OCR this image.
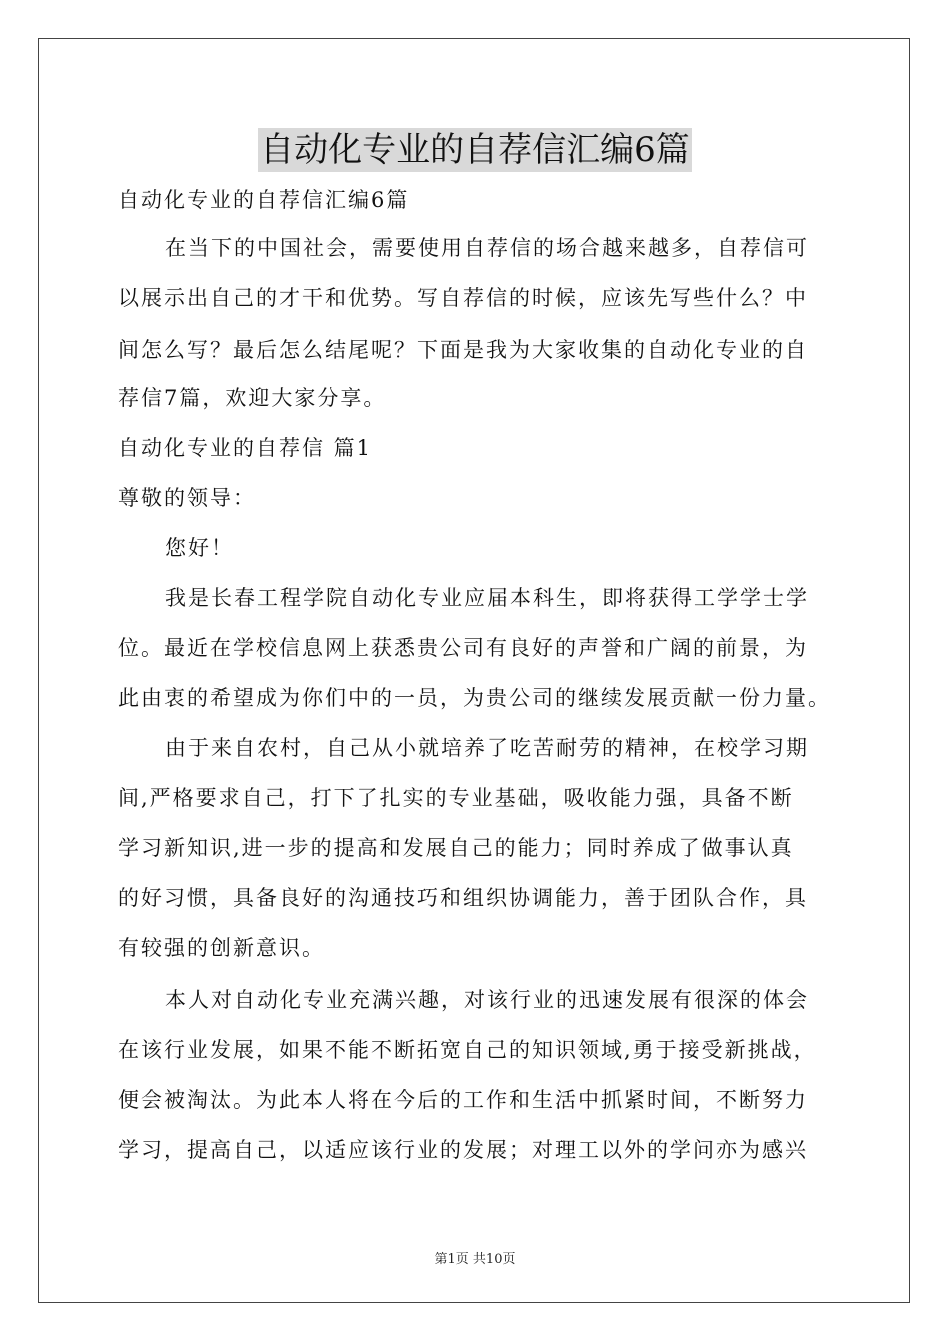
自动化专业的自荐信汇编6篇
自动化专业的自荐信汇编6篇
在当下的中国社会，需要使用自荐信的场合越来越多，自荐信可
以展示出自己的才干和优势。写自荐信的时候，应该先写些什么？中
间怎么写？最后怎么结尾呢？下面是我为大家收集的自动化专业的自
荐信7篇，欢迎大家分享。
自动化专业的自荐信 篇1
尊敬的领导：
您好！
我是长春工程学院自动化专业应届本科生，即将获得工学学士学
位。最近在学校信息网上获悉贵公司有良好的声誉和广阔的前景，为
此由衷的希望成为你们中的一员，为贵公司的继续发展贡献一份力量。
由于来自农村，自己从小就培养了吃苦耐劳的精神，在校学习期
间,严格要求自己，打下了扎实的专业基础，吸收能力强，具备不断
学习新知识,进一步的提高和发展自己的能力；同时养成了做事认真
的好习惯，具备良好的沟通技巧和组织协调能力，善于团队合作，具
有较强的创新意识。
本人对自动化专业充满兴趣，对该行业的迅速发展有很深的体会
在该行业发展，如果不能不断拓宽自己的知识领域,勇于接受新挑战，
便会被淘汰。为此本人将在今后的工作和生活中抓紧时间，不断努力
学习，提高自己，以适应该行业的发展；对理工以外的学问亦为感兴
第1页 共10页
